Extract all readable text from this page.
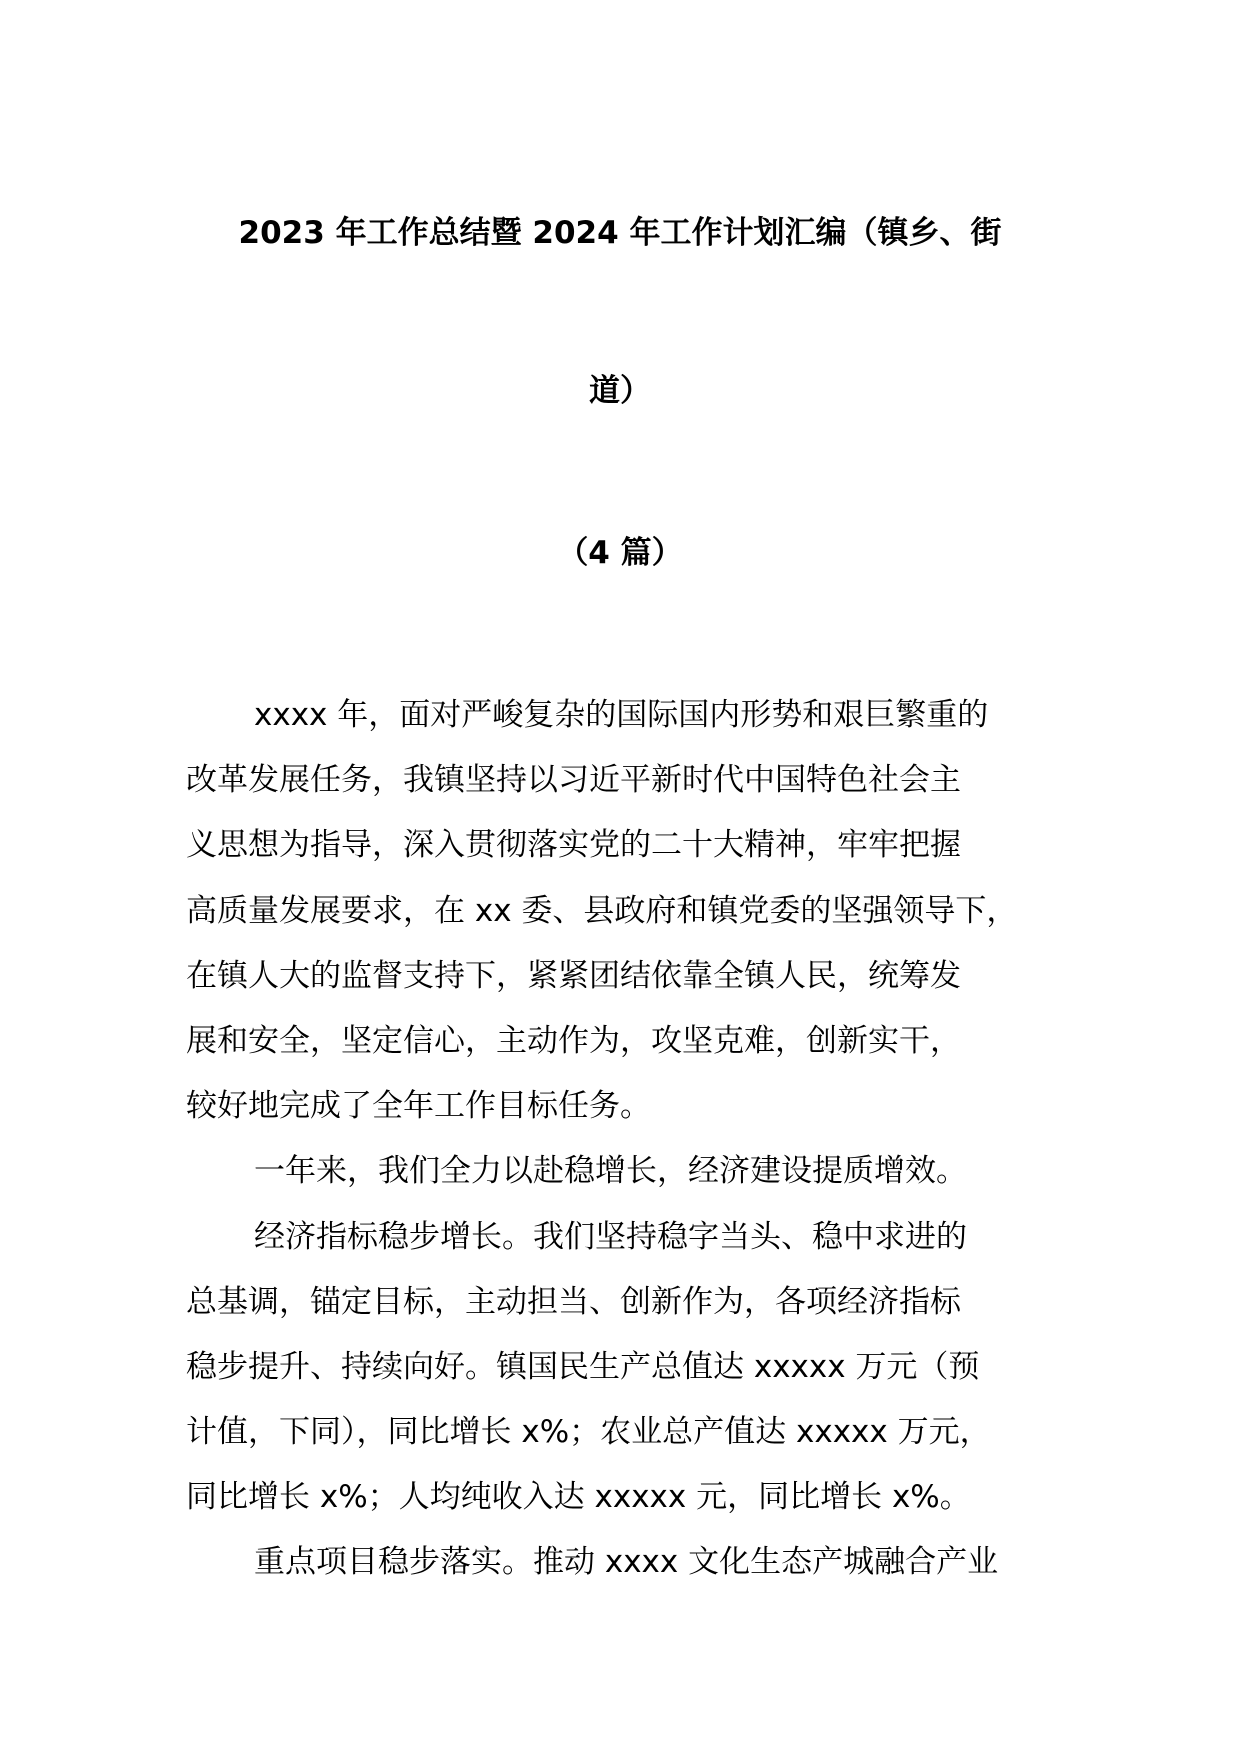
2023 年工作总结暨 2024 年工作计划汇编（镇乡、街
道）
（4 篇）
xxxx 年，面对严峻复杂的国际国内形势和艰巨繁重的
改革发展任务，我镇坚持以习近平新时代中国特色社会主
义思想为指导，深入贯彻落实党的二十大精神，牢牢把握
高质量发展要求，在 xx 委、县政府和镇党委的坚强领导下，
在镇人大的监督支持下，紧紧团结依靠全镇人民，统筹发
展和安全，坚定信心，主动作为，攻坚克难，创新实干，
较好地完成了全年工作目标任务。
一年来，我们全力以赴稳增长，经济建设提质增效。
经济指标稳步增长。我们坚持稳字当头、稳中求进的
总基调，锚定目标，主动担当、创新作为，各项经济指标
稳步提升、持续向好。镇国民生产总值达 xxxxx 万元（预
计值，下同），同比增长 x%；农业总产值达 xxxxx 万元，
同比增长 x%；人均纯收入达 xxxxx 元，同比增长 x%。
重点项目稳步落实。推动 xxxx 文化生态产城融合产业
